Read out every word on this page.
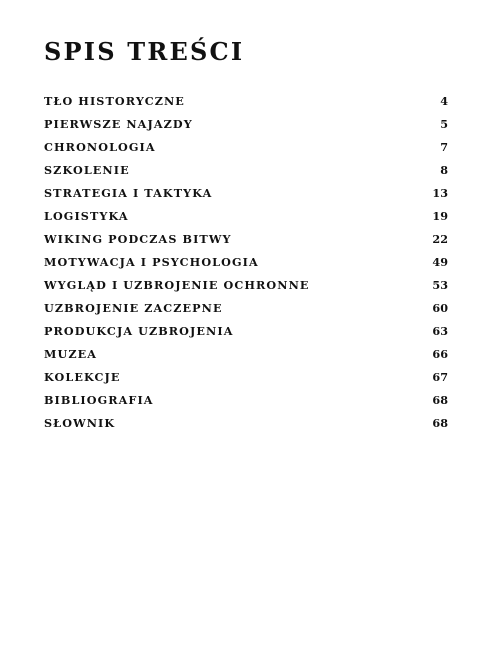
SPIS TREŚCI
TŁO HISTORYCZNE	4
PIERWSZE NAJAZDY	5
CHRONOLOGIA	7
SZKOLENIE	8
STRATEGIA I TAKTYKA	13
LOGISTYKA	19
WIKING PODCZAS BITWY	22
MOTYWACJA I PSYCHOLOGIA	49
WYGLĄD I UZBROJENIE OCHRONNE	53
UZBROJENIE ZACZEPNE	60
PRODUKCJA UZBROJENIA	63
MUZEA	66
KOLEKCJE	67
BIBLIOGRAFIA	68
SŁOWNIK	68
